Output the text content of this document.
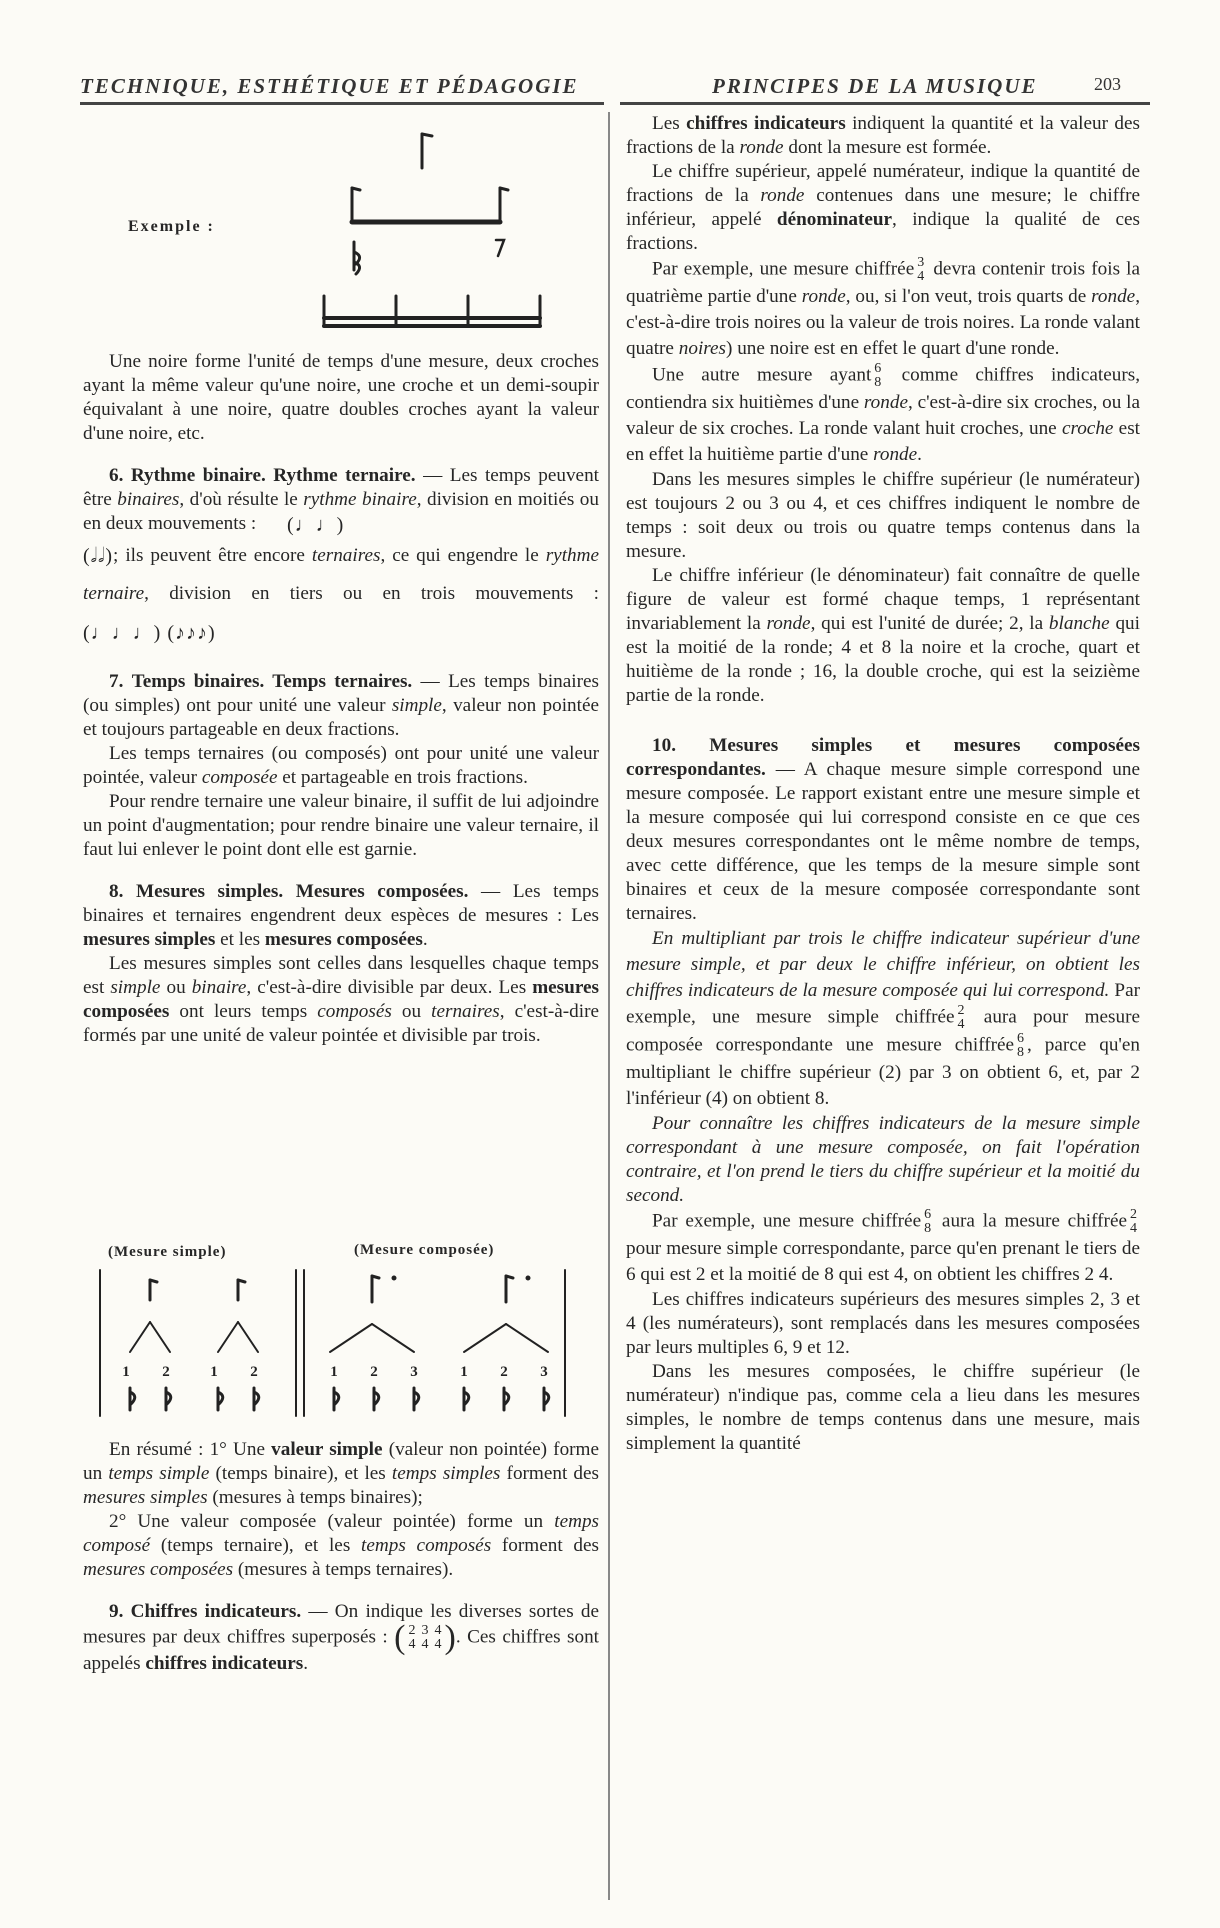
TECHNIQUE, ESTHÉTIQUE ET PÉDAGOGIE	PRINCIPES DE LA MUSIQUE	203
Exemple :
1 2	1 2	1 2 3	1 2 3
(Mesure simple)	(Mesure composée)

Une noire forme l'unité de temps d'une mesure, deux croches ayant la même valeur qu'une noire, une croche et un demi-soupir équivalant à une noire, quatre doubles croches ayant la valeur d'une noire, etc.

6. Rythme binaire. Rythme ternaire. — Les temps peuvent être binaires, d'où résulte le rythme binaire, division en moitiés ou en deux mouvements : (♩♩)

(𝅗𝅥𝅗𝅥); ils peuvent être encore ternaires, ce qui engendre le rythme ternaire, division en tiers ou en trois mouvements : (♩♩♩) (♪♪♪)

7. Temps binaires. Temps ternaires. — Les temps binaires (ou simples) ont pour unité une valeur simple, valeur non pointée et toujours partageable en deux fractions.

Les temps ternaires (ou composés) ont pour unité une valeur pointée, valeur composée et partageable en trois fractions.

Pour rendre ternaire une valeur binaire, il suffit de lui adjoindre un point d'augmentation; pour rendre binaire une valeur ternaire, il faut lui enlever le point dont elle est garnie.

8. Mesures simples. Mesures composées. — Les temps binaires et ternaires engendrent deux espèces de mesures : Les mesures simples et les mesures composées.

Les mesures simples sont celles dans lesquelles chaque temps est simple ou binaire, c'est-à-dire divisible par deux. Les mesures composées ont leurs temps composés ou ternaires, c'est-à-dire formés par une unité de valeur pointée et divisible par trois.

En résumé : 1° Une valeur simple (valeur non pointée) forme un temps simple (temps binaire), et les temps simples forment des mesures simples (mesures à temps binaires);

2° Une valeur composée (valeur pointée) forme un temps composé (temps ternaire), et les temps composés forment des mesures composées (mesures à temps ternaires).

9. Chiffres indicateurs. — On indique les diverses sortes de mesures par deux chiffres superposés : ( 2
4
3
4
4
4 ). Ces chiffres sont appelés chiffres indicateurs.

Les chiffres indicateurs indiquent la quantité et la valeur des fractions de la ronde dont la mesure est formée.

Le chiffre supérieur, appelé numérateur, indique la quantité de fractions de la ronde contenues dans une mesure; le chiffre inférieur, appelé dénominateur, indique la qualité de ces fractions.

Par exemple, une mesure chiffrée 3
4 devra contenir trois fois la quatrième partie d'une ronde, ou, si l'on veut, trois quarts de ronde, c'est-à-dire trois noires ou la valeur de trois noires. La ronde valant quatre noires) une noire est en effet le quart d'une ronde.

Une autre mesure ayant 6
8 comme chiffres indicateurs, contiendra six huitièmes d'une ronde, c'est-à-dire six croches, ou la valeur de six croches. La ronde valant huit croches, une croche est en effet la huitième partie d'une ronde.

Dans les mesures simples le chiffre supérieur (le numérateur) est toujours 2 ou 3 ou 4, et ces chiffres indiquent le nombre de temps : soit deux ou trois ou quatre temps contenus dans la mesure.

Le chiffre inférieur (le dénominateur) fait connaître de quelle figure de valeur est formé chaque temps, 1 représentant invariablement la ronde, qui est l'unité de durée; 2, la blanche qui est la moitié de la ronde; 4 et 8 la noire et la croche, quart et huitième de la ronde ; 16, la double croche, qui est la seizième partie de la ronde.

10. Mesures simples et mesures composées correspondantes. — A chaque mesure simple correspond une mesure composée. Le rapport existant entre une mesure simple et la mesure composée qui lui correspond consiste en ce que ces deux mesures correspondantes ont le même nombre de temps, avec cette différence, que les temps de la mesure simple sont binaires et ceux de la mesure composée correspondante sont ternaires.

En multipliant par trois le chiffre indicateur supérieur d'une mesure simple, et par deux le chiffre inférieur, on obtient les chiffres indicateurs de la mesure composée qui lui correspond. Par exemple, une mesure simple chiffrée 2
4 aura pour mesure composée correspondante une mesure chiffrée 6
8 , parce qu'en multipliant le chiffre supérieur (2) par 3 on obtient 6, et, par 2 l'inférieur (4) on obtient 8.

Pour connaître les chiffres indicateurs de la mesure simple correspondant à une mesure composée, on fait l'opération contraire, et l'on prend le tiers du chiffre supérieur et la moitié du second.

Par exemple, une mesure chiffrée 6
8 aura la mesure chiffrée 2
4
pour mesure simple correspondante, parce qu'en prenant le tiers de 6 qui est 2 et la moitié de 8 qui est 4, on obtient les chiffres 2 4.

Les chiffres indicateurs supérieurs des mesures simples 2, 3 et 4 (les numérateurs), sont remplacés dans les mesures composées par leurs multiples 6, 9 et 12.

Dans les mesures composées, le chiffre supérieur (le numérateur) n'indique pas, comme cela a lieu dans les mesures simples, le nombre de temps contenus dans une mesure, mais simplement la quantité
